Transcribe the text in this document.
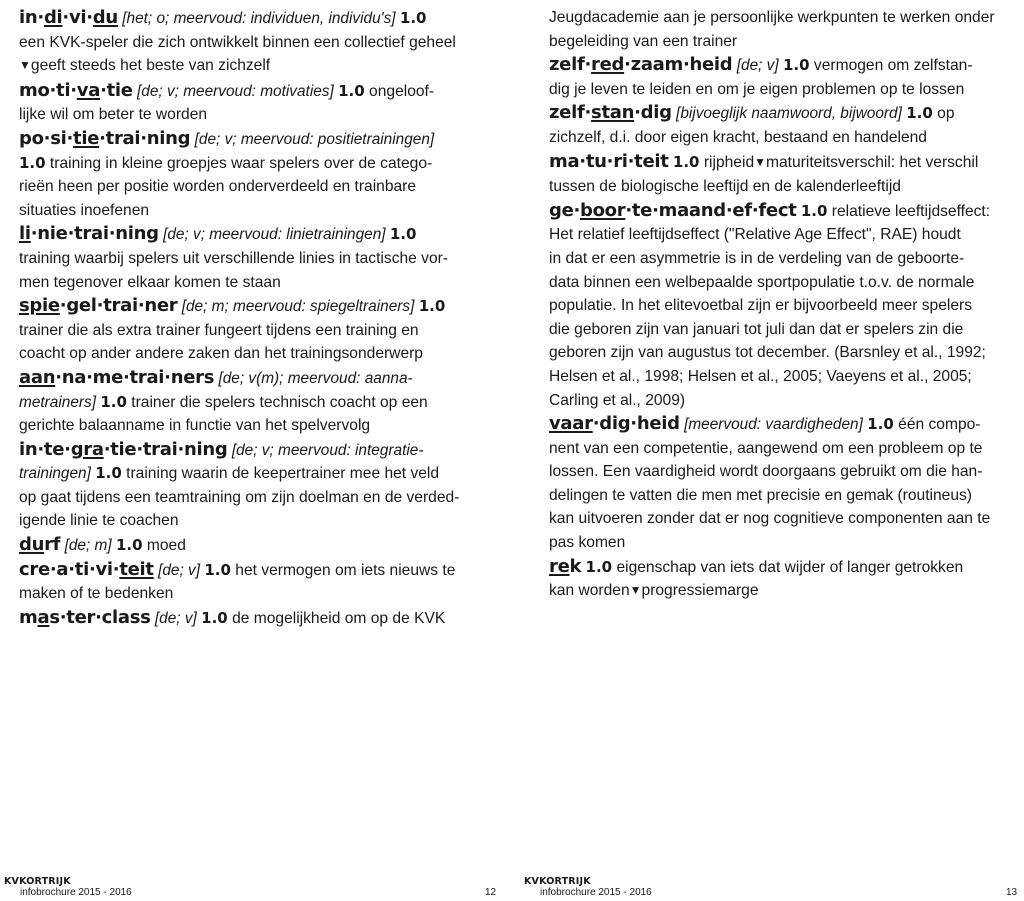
in·di·vi·du [het; o; meervoud: individuen, individu's] 1.0
een KVK-speler die zich ontwikkelt binnen een collectief geheel
▼geeft steeds het beste van zichzelf
mo·ti·va·tie [de; v; meervoud: motivaties] 1.0 ongeloof-
lijke wil om beter te worden
po·si·tie·trai·ning [de; v; meervoud: positietrainingen]
1.0 training in kleine groepjes waar spelers over de catego-
rieën heen per positie worden onderverdeeld en trainbare
situaties inoefenen
li·nie·trai·ning [de; v; meervoud: linietrainingen] 1.0
training waarbij spelers uit verschillende linies in tactische vor-
men tegenover elkaar komen te staan
spie·gel·trai·ner [de; m; meervoud: spiegeltrainers] 1.0
trainer die als extra trainer fungeert tijdens een training en
coacht op ander andere zaken dan het trainingsonderwerp
aan·na·me·trai·ners [de; v(m); meervoud: aanna-
metrainers] 1.0 trainer die spelers technisch coacht op een
gerichte balaanname in functie van het spelvervolg
in·te·gra·tie·trai·ning [de; v; meervoud: integratie-
trainingen] 1.0 training waarin de keepertrainer mee het veld
op gaat tijdens een teamtraining om zijn doelman en de verded-
igende linie te coachen
durf [de; m] 1.0 moed
cre·a·ti·vi·teit [de; v] 1.0 het vermogen om iets nieuws te
maken of te bedenken
mas·ter·class [de; v] 1.0 de mogelijkheid om op de KVK
KVKORTRIJK
infobrochure 2015 - 2016	12
Jeugdacademie aan je persoonlijke werkpunten te werken onder
begeleiding van een trainer
zelf·red·zaam·heid [de; v] 1.0 vermogen om zelfstan-
dig je leven te leiden en om je eigen problemen op te lossen
zelf·stan·dig [bijvoeglijk naamwoord, bijwoord] 1.0 op
zichzelf, d.i. door eigen kracht, bestaand en handelend
ma·tu·ri·teit 1.0 rijpheid▼maturiteitsverschil: het verschil
tussen de biologische leeftijd en de kalenderleeftijd
ge·boor·te·maand·ef·fect 1.0 relatieve leeftijdseffect:
Het relatief leeftijdseffect ("Relative Age Effect", RAE) houdt
in dat er een asymmetrie is in de verdeling van de geboorte-
data binnen een welbepaalde sportpopulatie t.o.v. de normale
populatie. In het elitevoetbal zijn er bijvoorbeeld meer spelers
die geboren zijn van januari tot juli dan dat er spelers zin die
geboren zijn van augustus tot december. (Barsnley et al., 1992;
Helsen et al., 1998; Helsen et al., 2005; Vaeyens et al., 2005;
Carling et al., 2009)
vaar·dig·heid [meervoud: vaardigheden] 1.0 één compo-
nent van een competentie, aangewend om een probleem op te
lossen. Een vaardigheid wordt doorgaans gebruikt om die han-
delingen te vatten die men met precisie en gemak (routineus)
kan uitvoeren zonder dat er nog cognitieve componenten aan te
pas komen
rek 1.0 eigenschap van iets dat wijder of langer getrokken
kan worden▼progressiemarge
KVKORTRIJK
infobrochure 2015 - 2016	13
